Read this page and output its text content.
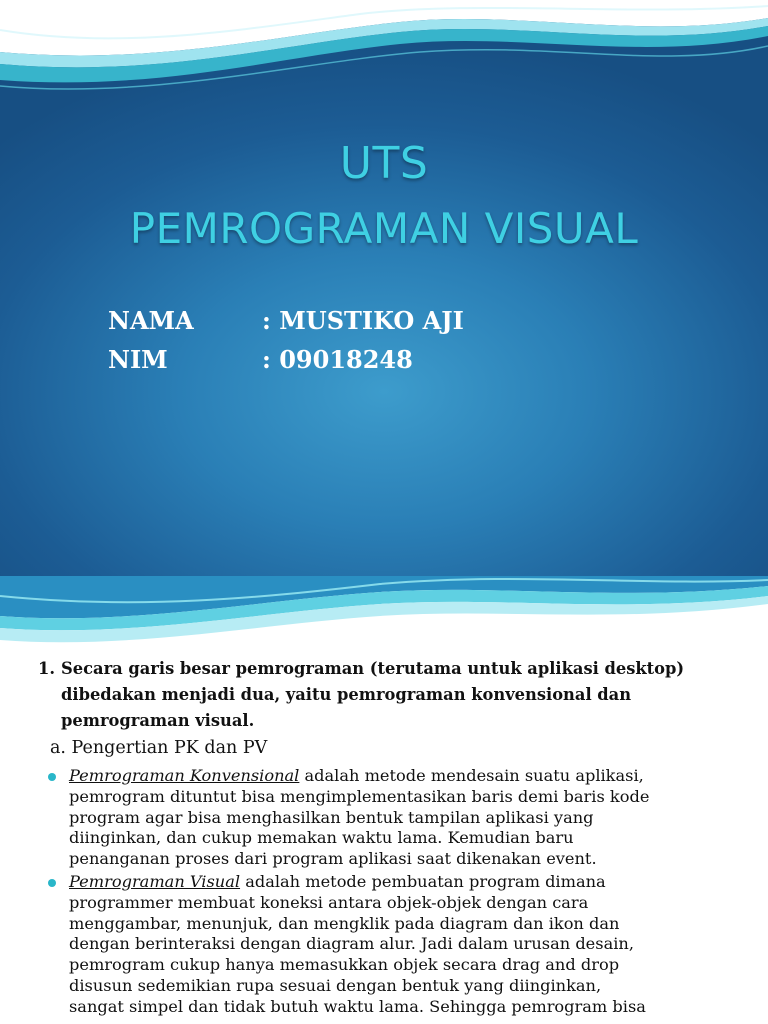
UTS
PEMROGRAMAN VISUAL
NAMA	: MUSTIKO AJI
NIM	: 09018248
1. Secara garis besar pemrograman (terutama untuk aplikasi desktop)
dibedakan menjadi dua, yaitu pemrograman konvensional dan
pemrograman visual.
a. Pengertian PK dan PV
Pemrograman Konvensional adalah metode mendesain suatu aplikasi,
pemrogram dituntut bisa mengimplementasikan baris demi baris kode
program agar bisa menghasilkan bentuk tampilan aplikasi yang
diinginkan, dan cukup memakan waktu lama. Kemudian baru
penanganan proses dari program aplikasi saat dikenakan event.
Pemrograman Visual adalah metode pembuatan program dimana
programmer membuat koneksi antara objek-objek dengan cara
menggambar, menunjuk, dan mengklik pada diagram dan ikon dan
dengan berinteraksi dengan diagram alur. Jadi dalam urusan desain,
pemrogram cukup hanya memasukkan objek secara drag and drop
disusun sedemikian rupa sesuai dengan bentuk yang diinginkan,
sangat simpel dan tidak butuh waktu lama. Sehingga pemrogram bisa
